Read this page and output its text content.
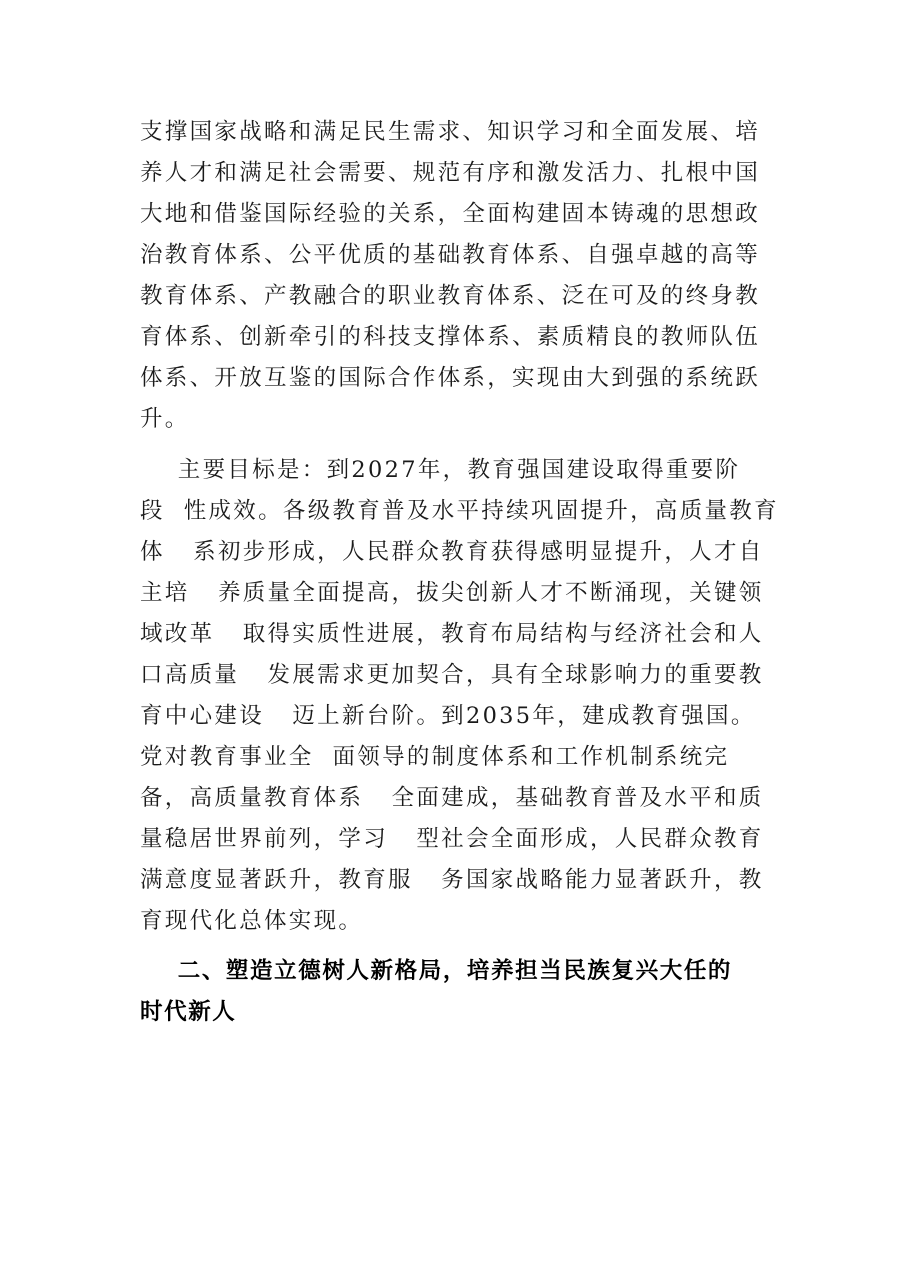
支撑国家战略和满足民生需求、知识学习和全面发展、培
养人才和满足社会需要、规范有序和激发活力、扎根中国
大地和借鉴国际经验的关系，全面构建固本铸魂的思想政
治教育体系、公平优质的基础教育体系、自强卓越的高等
教育体系、产教融合的职业教育体系、泛在可及的终身教
育体系、创新牵引的科技支撑体系、素质精良的教师队伍
体系、开放互鉴的国际合作体系，实现由大到强的系统跃
升。
主要目标是：到2027年，教育强国建设取得重要阶
段  性成效。各级教育普及水平持续巩固提升，高质量教育
体   系初步形成，人民群众教育获得感明显提升，人才自
主培   养质量全面提高，拔尖创新人才不断涌现，关键领
域改革   取得实质性进展，教育布局结构与经济社会和人
口高质量   发展需求更加契合，具有全球影响力的重要教
育中心建设   迈上新台阶。到2035年，建成教育强国。
党对教育事业全  面领导的制度体系和工作机制系统完
备，高质量教育体系   全面建成，基础教育普及水平和质
量稳居世界前列，学习   型社会全面形成，人民群众教育
满意度显著跃升，教育服   务国家战略能力显著跃升，教
育现代化总体实现。
二、塑造立德树人新格局，培养担当民族复兴大任的
时代新人
